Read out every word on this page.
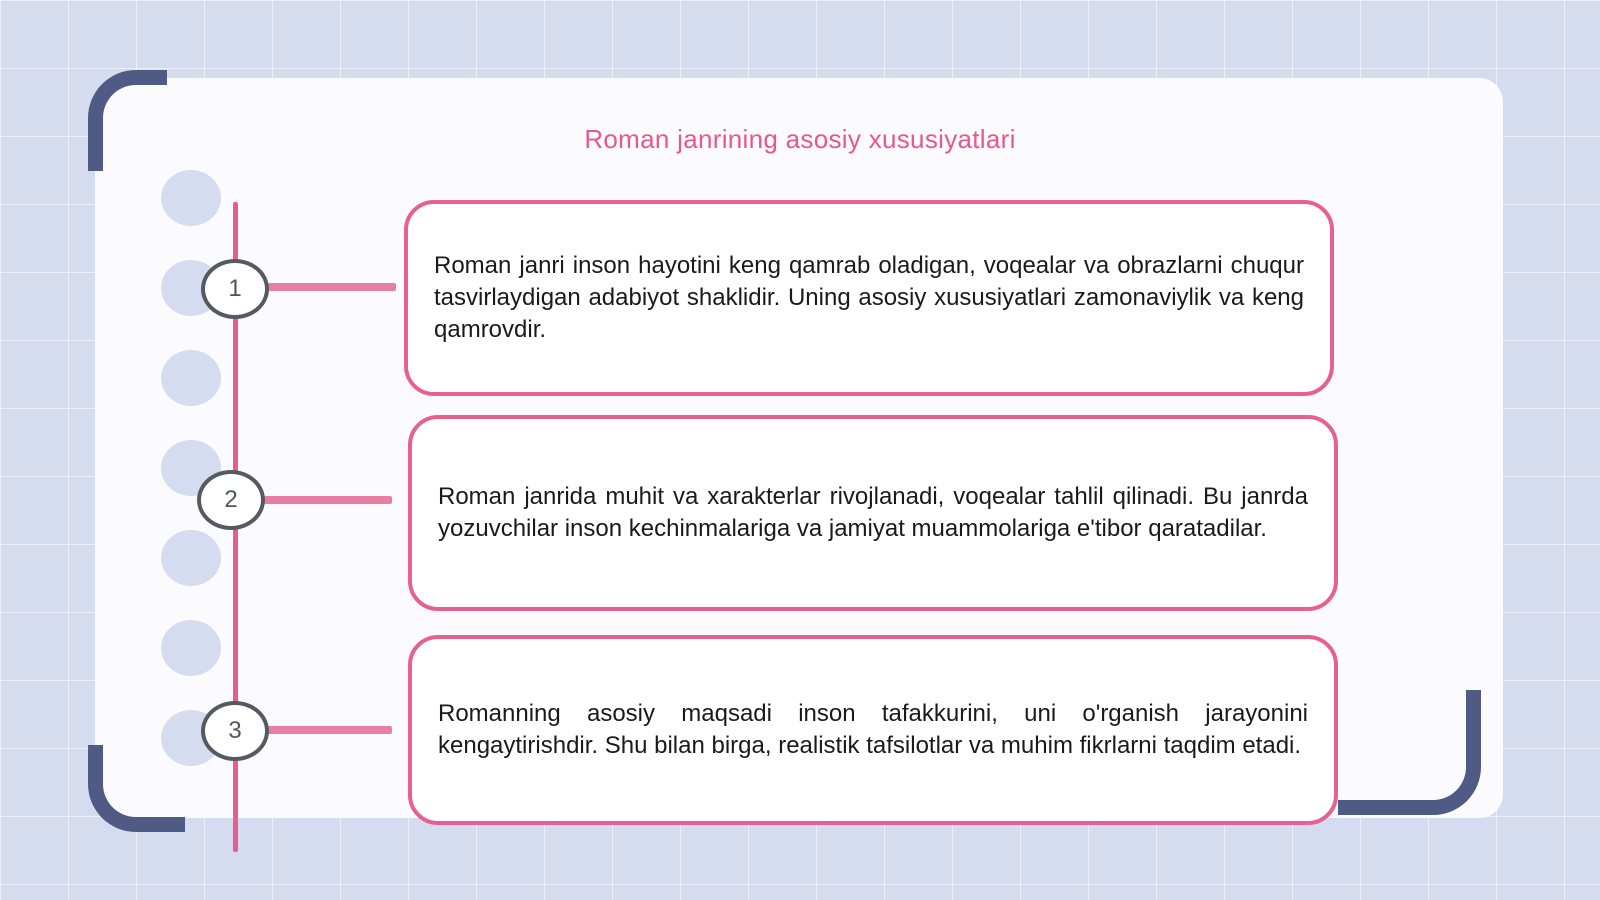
Roman janrining asosiy xususiyatlari
1
2
3

Roman janri inson hayotini keng qamrab oladigan, voqealar va obrazlarni chuqur tasvirlaydigan adabiyot shaklidir. Uning asosiy xususiyatlari zamonaviylik va keng qamrovdir.

Roman janrida muhit va xarakterlar rivojlanadi, voqealar tahlil qilinadi. Bu janrda yozuvchilar inson kechinmalariga va jamiyat muammolariga e'tibor qaratadilar.

Romanning asosiy maqsadi inson tafakkurini, uni o'rganish jarayonini kengaytirishdir. Shu bilan birga, realistik tafsilotlar va muhim fikrlarni taqdim etadi.
